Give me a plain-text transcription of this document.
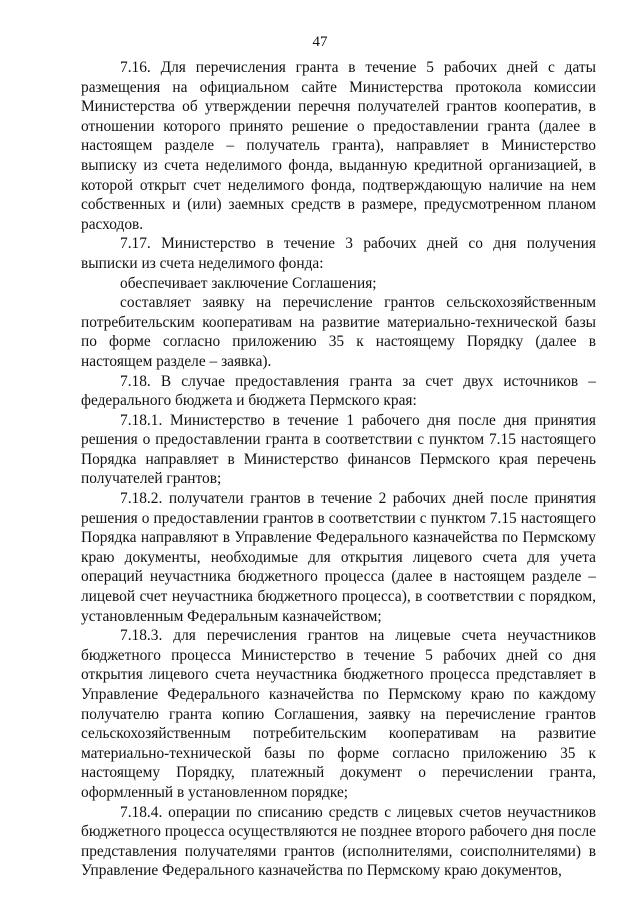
47

7.16. Для перечисления гранта в течение 5 рабочих дней с даты размещения на официальном сайте Министерства протокола комиссии Министерства об утверждении перечня получателей грантов кооператив, в отношении которого принято решение о предоставлении гранта (далее в настоящем разделе – получатель гранта), направляет в Министерство выписку из счета неделимого фонда, выданную кредитной организацией, в которой открыт счет неделимого фонда, подтверждающую наличие на нем собственных и (или) заемных средств в размере, предусмотренном планом расходов.

7.17. Министерство в течение 3 рабочих дней со дня получения выписки из счета неделимого фонда:

обеспечивает заключение Соглашения;

составляет заявку на перечисление грантов сельскохозяйственным потребительским кооперативам на развитие материально-технической базы по форме согласно приложению 35 к настоящему Порядку (далее в настоящем разделе – заявка).

7.18. В случае предоставления гранта за счет двух источников – федерального бюджета и бюджета Пермского края:

7.18.1. Министерство в течение 1 рабочего дня после дня принятия решения о предоставлении гранта в соответствии с пунктом 7.15 настоящего Порядка направляет в Министерство финансов Пермского края перечень получателей грантов;

7.18.2. получатели грантов в течение 2 рабочих дней после принятия решения о предоставлении грантов в соответствии с пунктом 7.15 настоящего Порядка направляют в Управление Федерального казначейства по Пермскому краю документы, необходимые для открытия лицевого счета для учета операций неучастника бюджетного процесса (далее в настоящем разделе – лицевой счет неучастника бюджетного процесса), в соответствии с порядком, установленным Федеральным казначейством;

7.18.3. для перечисления грантов на лицевые счета неучастников бюджетного процесса Министерство в течение 5 рабочих дней со дня открытия лицевого счета неучастника бюджетного процесса представляет в Управление Федерального казначейства по Пермскому краю по каждому получателю гранта копию Соглашения, заявку на перечисление грантов сельскохозяйственным потребительским кооперативам на развитие материально-технической базы по форме согласно приложению 35 к настоящему Порядку, платежный документ о перечислении гранта, оформленный в установленном порядке;

7.18.4. операции по списанию средств с лицевых счетов неучастников бюджетного процесса осуществляются не позднее второго рабочего дня после представления получателями грантов (исполнителями, соисполнителями) в Управление Федерального казначейства по Пермскому краю документов,
